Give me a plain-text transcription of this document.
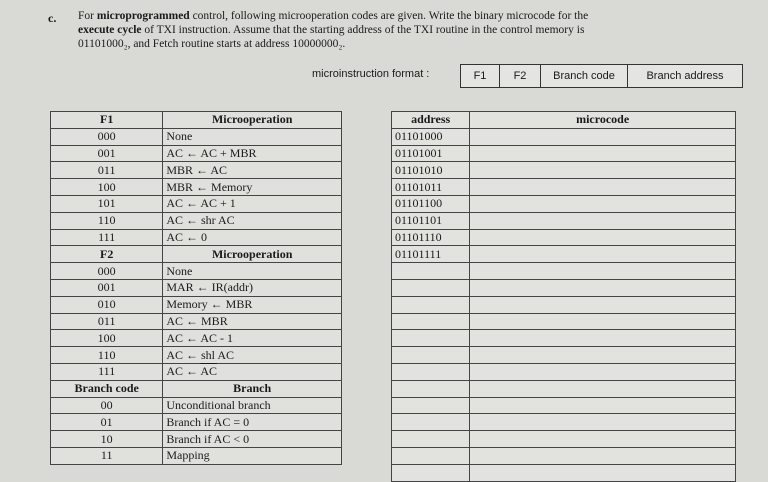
c. For microprogrammed control, following microoperation codes are given. Write the binary microcode for the
execute cycle of TXI instruction. Assume that the starting address of the TXI routine in the control memory is
01101000₂, and Fetch routine starts at address 10000000₂.
microinstruction format :	F1	F2	Branch code	Branch address
F1	Microoperation
000	None
001	AC ← AC + MBR
011	MBR ← AC
100	MBR ← Memory
101	AC ← AC + 1
110	AC ← shr AC
111	AC ← 0
F2	Microoperation
000	None
001	MAR ← IR(addr)
010	Memory ← MBR
011	AC ← MBR
100	AC ← AC - 1
110	AC ← shl AC
111	AC ← $\overline{AC}$
Branch code	Branch
00	Unconditional branch
01	Branch if AC = 0
10	Branch if AC < 0
11	Mapping
address	microcode
01101000	
01101001	
01101010	
01101011	
01101100	
01101101	
01101110	
01101111	
